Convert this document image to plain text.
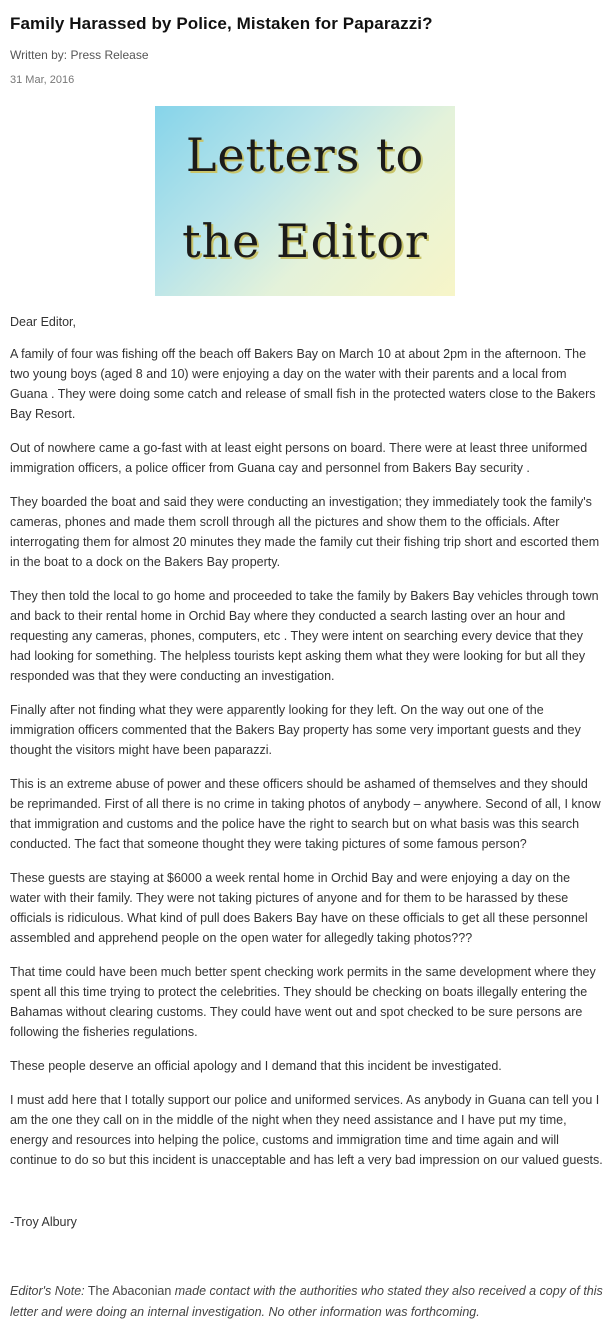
Family Harassed by Police, Mistaken for Paparazzi?
Written by: Press Release
31 Mar, 2016
Letters to
the Editor

Dear Editor,

A family of four was fishing off the beach off Bakers Bay on March 10 at about 2pm in the afternoon. The two young boys (aged 8 and 10) were enjoying a day on the water with their parents and a local from Guana . They were doing some catch and release of small fish in the protected waters close to the Bakers Bay Resort.

Out of nowhere came a go-fast with at least eight persons on board. There were at least three uniformed immigration officers, a police officer from Guana cay and personnel from Bakers Bay security .

They boarded the boat and said they were conducting an investigation; they immediately took the family's cameras, phones and made them scroll through all the pictures and show them to the officials. After interrogating them for almost 20 minutes they made the family cut their fishing trip short and escorted them in the boat to a dock on the Bakers Bay property.

They then told the local to go home and proceeded to take the family by Bakers Bay vehicles through town and back to their rental home in Orchid Bay where they conducted a search lasting over an hour and requesting any cameras, phones, computers, etc . They were intent on searching every device that they had looking for something. The helpless tourists kept asking them what they were looking for but all they responded was that they were conducting an investigation.

Finally after not finding what they were apparently looking for they left. On the way out one of the immigration officers commented that the Bakers Bay property has some very important guests and they thought the visitors might have been paparazzi.

This is an extreme abuse of power and these officers should be ashamed of themselves and they should be reprimanded. First of all there is no crime in taking photos of anybody – anywhere. Second of all, I know that immigration and customs and the police have the right to search but on what basis was this search conducted. The fact that someone thought they were taking pictures of some famous person?

These guests are staying at $6000 a week rental home in Orchid Bay and were enjoying a day on the water with their family. They were not taking pictures of anyone and for them to be harassed by these officials is ridiculous. What kind of pull does Bakers Bay have on these officials to get all these personnel assembled and apprehend people on the open water for allegedly taking photos???

That time could have been much better spent checking work permits in the same development where they spent all this time trying to protect the celebrities. They should be checking on boats illegally entering the Bahamas without clearing customs. They could have went out and spot checked to be sure persons are following the fisheries regulations.

These people deserve an official apology and I demand that this incident be investigated.

I must add here that I totally support our police and uniformed services. As anybody in Guana can tell you I am the one they call on in the middle of the night when they need assistance and I have put my time, energy and resources into helping the police, customs and immigration time and time again and will continue to do so but this incident is unacceptable and has left a very bad impression on our valued guests.

-Troy Albury
Editor's Note: The Abaconian made contact with the authorities who stated they also received a copy of this letter and were doing an internal investigation. No other information was forthcoming.
